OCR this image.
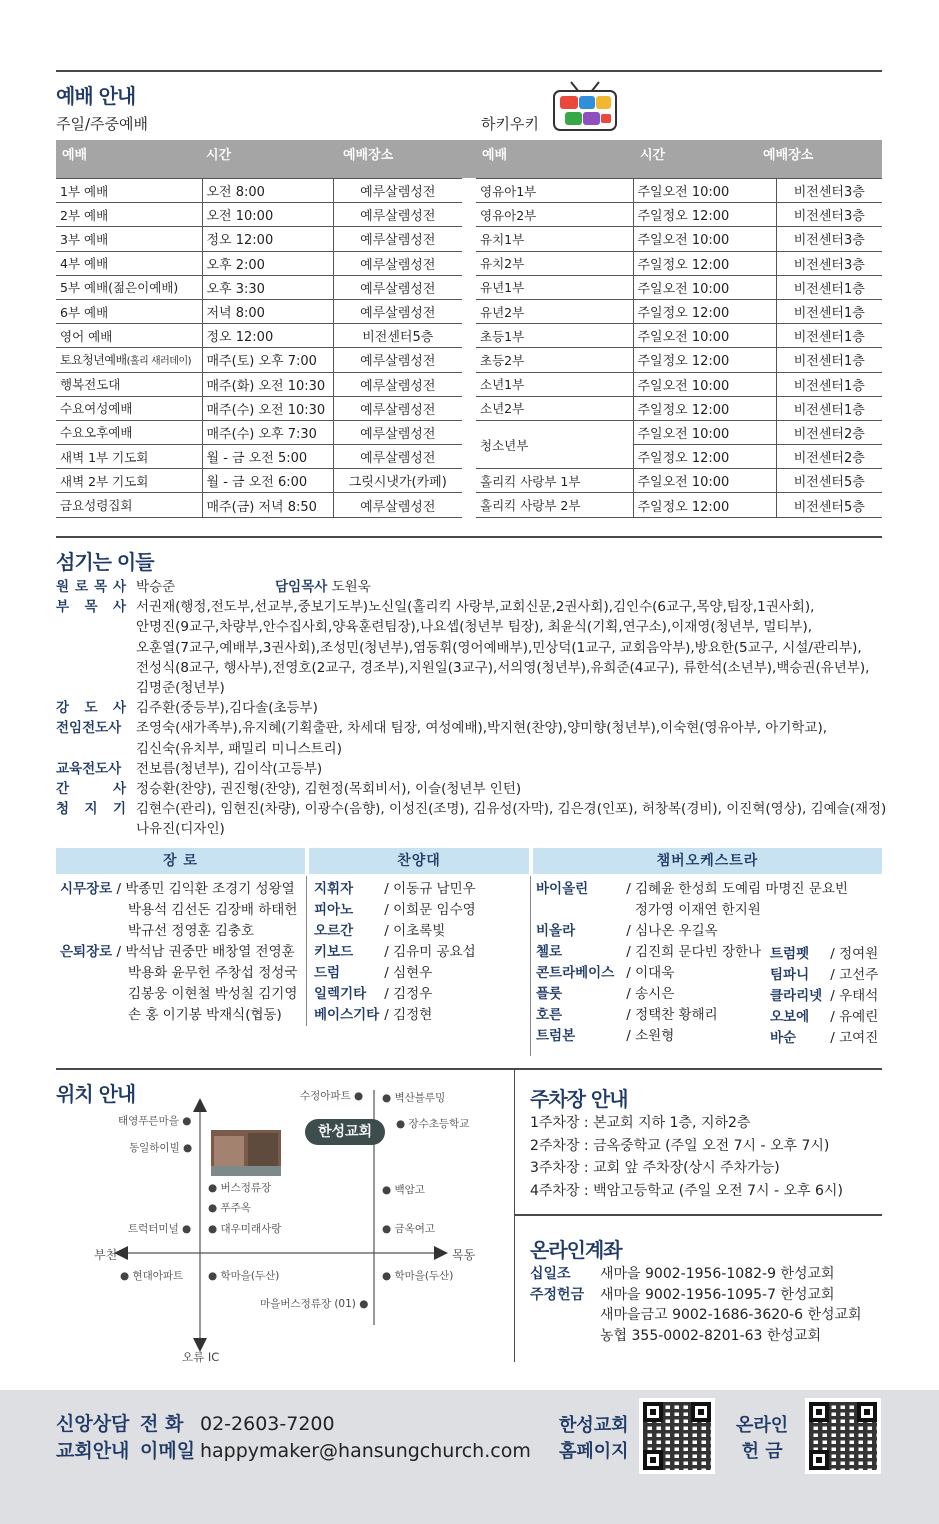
예배 안내
주일/주중예배	하키우키
예배	시간	예배장소	예배	시간	예배장소
1부 예배	오전 8:00	예루살렘성전
2부 예배	오전 10:00	예루살렘성전
3부 예배	정오 12:00	예루살렘성전
4부 예배	오후 2:00	예루살렘성전
5부 예배(젊은이예배)	오후 3:30	예루살렘성전
6부 예배	저녁 8:00	예루살렘성전
영어 예배	정오 12:00	비전센터5층
토요청년예배(홀리 새러데이)	매주(토) 오후 7:00	예루살렘성전
행복전도대	매주(화) 오전 10:30	예루살렘성전
수요여성예배	매주(수) 오전 10:30	예루살렘성전
수요오후예배	매주(수) 오후 7:30	예루살렘성전
새벽 1부 기도회	월 - 금 오전 5:00	예루살렘성전
새벽 2부 기도회	월 - 금 오전 6:00	그릿시냇가(카페)
금요성령집회	매주(금) 저녁 8:50	예루살렘성전
영유아1부	주일오전 10:00	비전센터3층
영유아2부	주일정오 12:00	비전센터3층
유치1부	주일오전 10:00	비전센터3층
유치2부	주일정오 12:00	비전센터3층
유년1부	주일오전 10:00	비전센터1층
유년2부	주일정오 12:00	비전센터1층
초등1부	주일오전 10:00	비전센터1층
초등2부	주일정오 12:00	비전센터1층
소년1부	주일오전 10:00	비전센터1층
소년2부	주일정오 12:00	비전센터1층
청소년부	주일오전 10:00	비전센터2층
	주일정오 12:00	비전센터2층
홀리킥 사랑부 1부	주일오전 10:00	비전센터5층
홀리킥 사랑부 2부	주일정오 12:00	비전센터5층
섬기는 이들
원 로 목 사 박승준	담임목사 도원욱
부 목 사 서권재(행정,전도부,선교부,중보기도부)노신일(홀리킥 사랑부,교회신문,2권사회),김인수(6교구,목양,팀장,1권사회),
안명진(9교구,차량부,안수집사회,양육훈련팀장),나요셉(청년부 팀장), 최윤식(기획,연구소),이재영(청년부, 멀티부),
오훈열(7교구,예배부,3권사회),조성민(청년부),염동휘(영어예배부),민상덕(1교구, 교회음악부),방요한(5교구, 시설/관리부),
전성식(8교구, 행사부),전영호(2교구, 경조부),지원일(3교구),서의영(청년부),유희준(4교구), 류한석(소년부),백승권(유년부),
김명준(청년부)
강 도 사 김주환(중등부),김다솔(초등부)
전임전도사	조영숙(새가족부),유지혜(기획출판, 차세대 팀장, 여성예배),박지현(찬양),양미향(청년부),이숙현(영유아부, 아기학교),
김신숙(유치부, 패밀리 미니스트리)
교육전도사	전보름(청년부), 김이삭(고등부)
간	사 정승환(찬양), 권진형(찬양), 김현정(목회비서), 이슬(청년부 인턴)
청 지 기 김현수(관리), 임현진(차량), 이광수(음향), 이성진(조명), 김유성(자막), 김은경(인포), 허창복(경비), 이진혁(영상), 김예슬(재정)
나유진(디자인)
장 로	찬양대	챔버오케스트라
시무장로 / 박종민 김익환 조경기 성왕열
박용석 김선돈 김장배 하태헌
박규선 정영훈 김충호
은퇴장로 / 박석남 권중만 배창열 전영훈
박용화 윤무헌 주창섭 정성국
김봉웅 이현철 박성칠 김기영
손 홍 이기봉 박재식(협동)
지휘자 / 이동규 남민우
피아노 / 이희문 임수영
오르간 / 이초록빛
키보드 / 김유미 공요섭
드럼	/ 심현우
일렉기타 / 김정우
베이스기타 / 김정현
바이올린	/ 김혜윤 한성희 도예림 마명진 문요빈
정가영 이재연 한지원
비올라	/ 심나온 우길옥
첼로	/ 김진희 문다빈 장한나
콘트라베이스 / 이대욱
플룻	/ 송시은
호른	/ 정택찬 황해리
트럼본	/ 소원형
트럼펫 / 정여원
팀파니 / 고선주
클라리넷 / 우태석
오보에 / 유예린
바순 / 고여진
위치 안내
한성교회
수정아파트 ● ● 벽산블루밍
태영푸른마을 ●	● 장수초등학교
동일하이빌 ●
● 버스정류장	● 백암고
● 푸주옥
트럭터미널 ● ● 대우미래사랑	● 금옥여고
부천	목동
● 현대아파트 ● 학마을(두산)	● 학마을(두산)
마을버스정류장 (01) ●
오류 IC
주차장 안내
1주차장 : 본교회 지하 1층, 지하2층
2주차장 : 금옥중학교 (주일 오전 7시 - 오후 7시)
3주차장 : 교회 앞 주차장(상시 주차가능)
4주차장 : 백암고등학교 (주일 오전 7시 - 오후 6시)
온라인계좌
십일조 새마을 9002-1956-1082-9 한성교회
주정헌금 새마을 9002-1956-1095-7 한성교회
새마을금고 9002-1686-3620-6 한성교회
농협 355-0002-8201-63 한성교회
신앙상담
교회안내
전 화 02-2603-7200
이메일 happymaker@hansungchurch.com
한성교회
홈페이지
온라인
헌 금
